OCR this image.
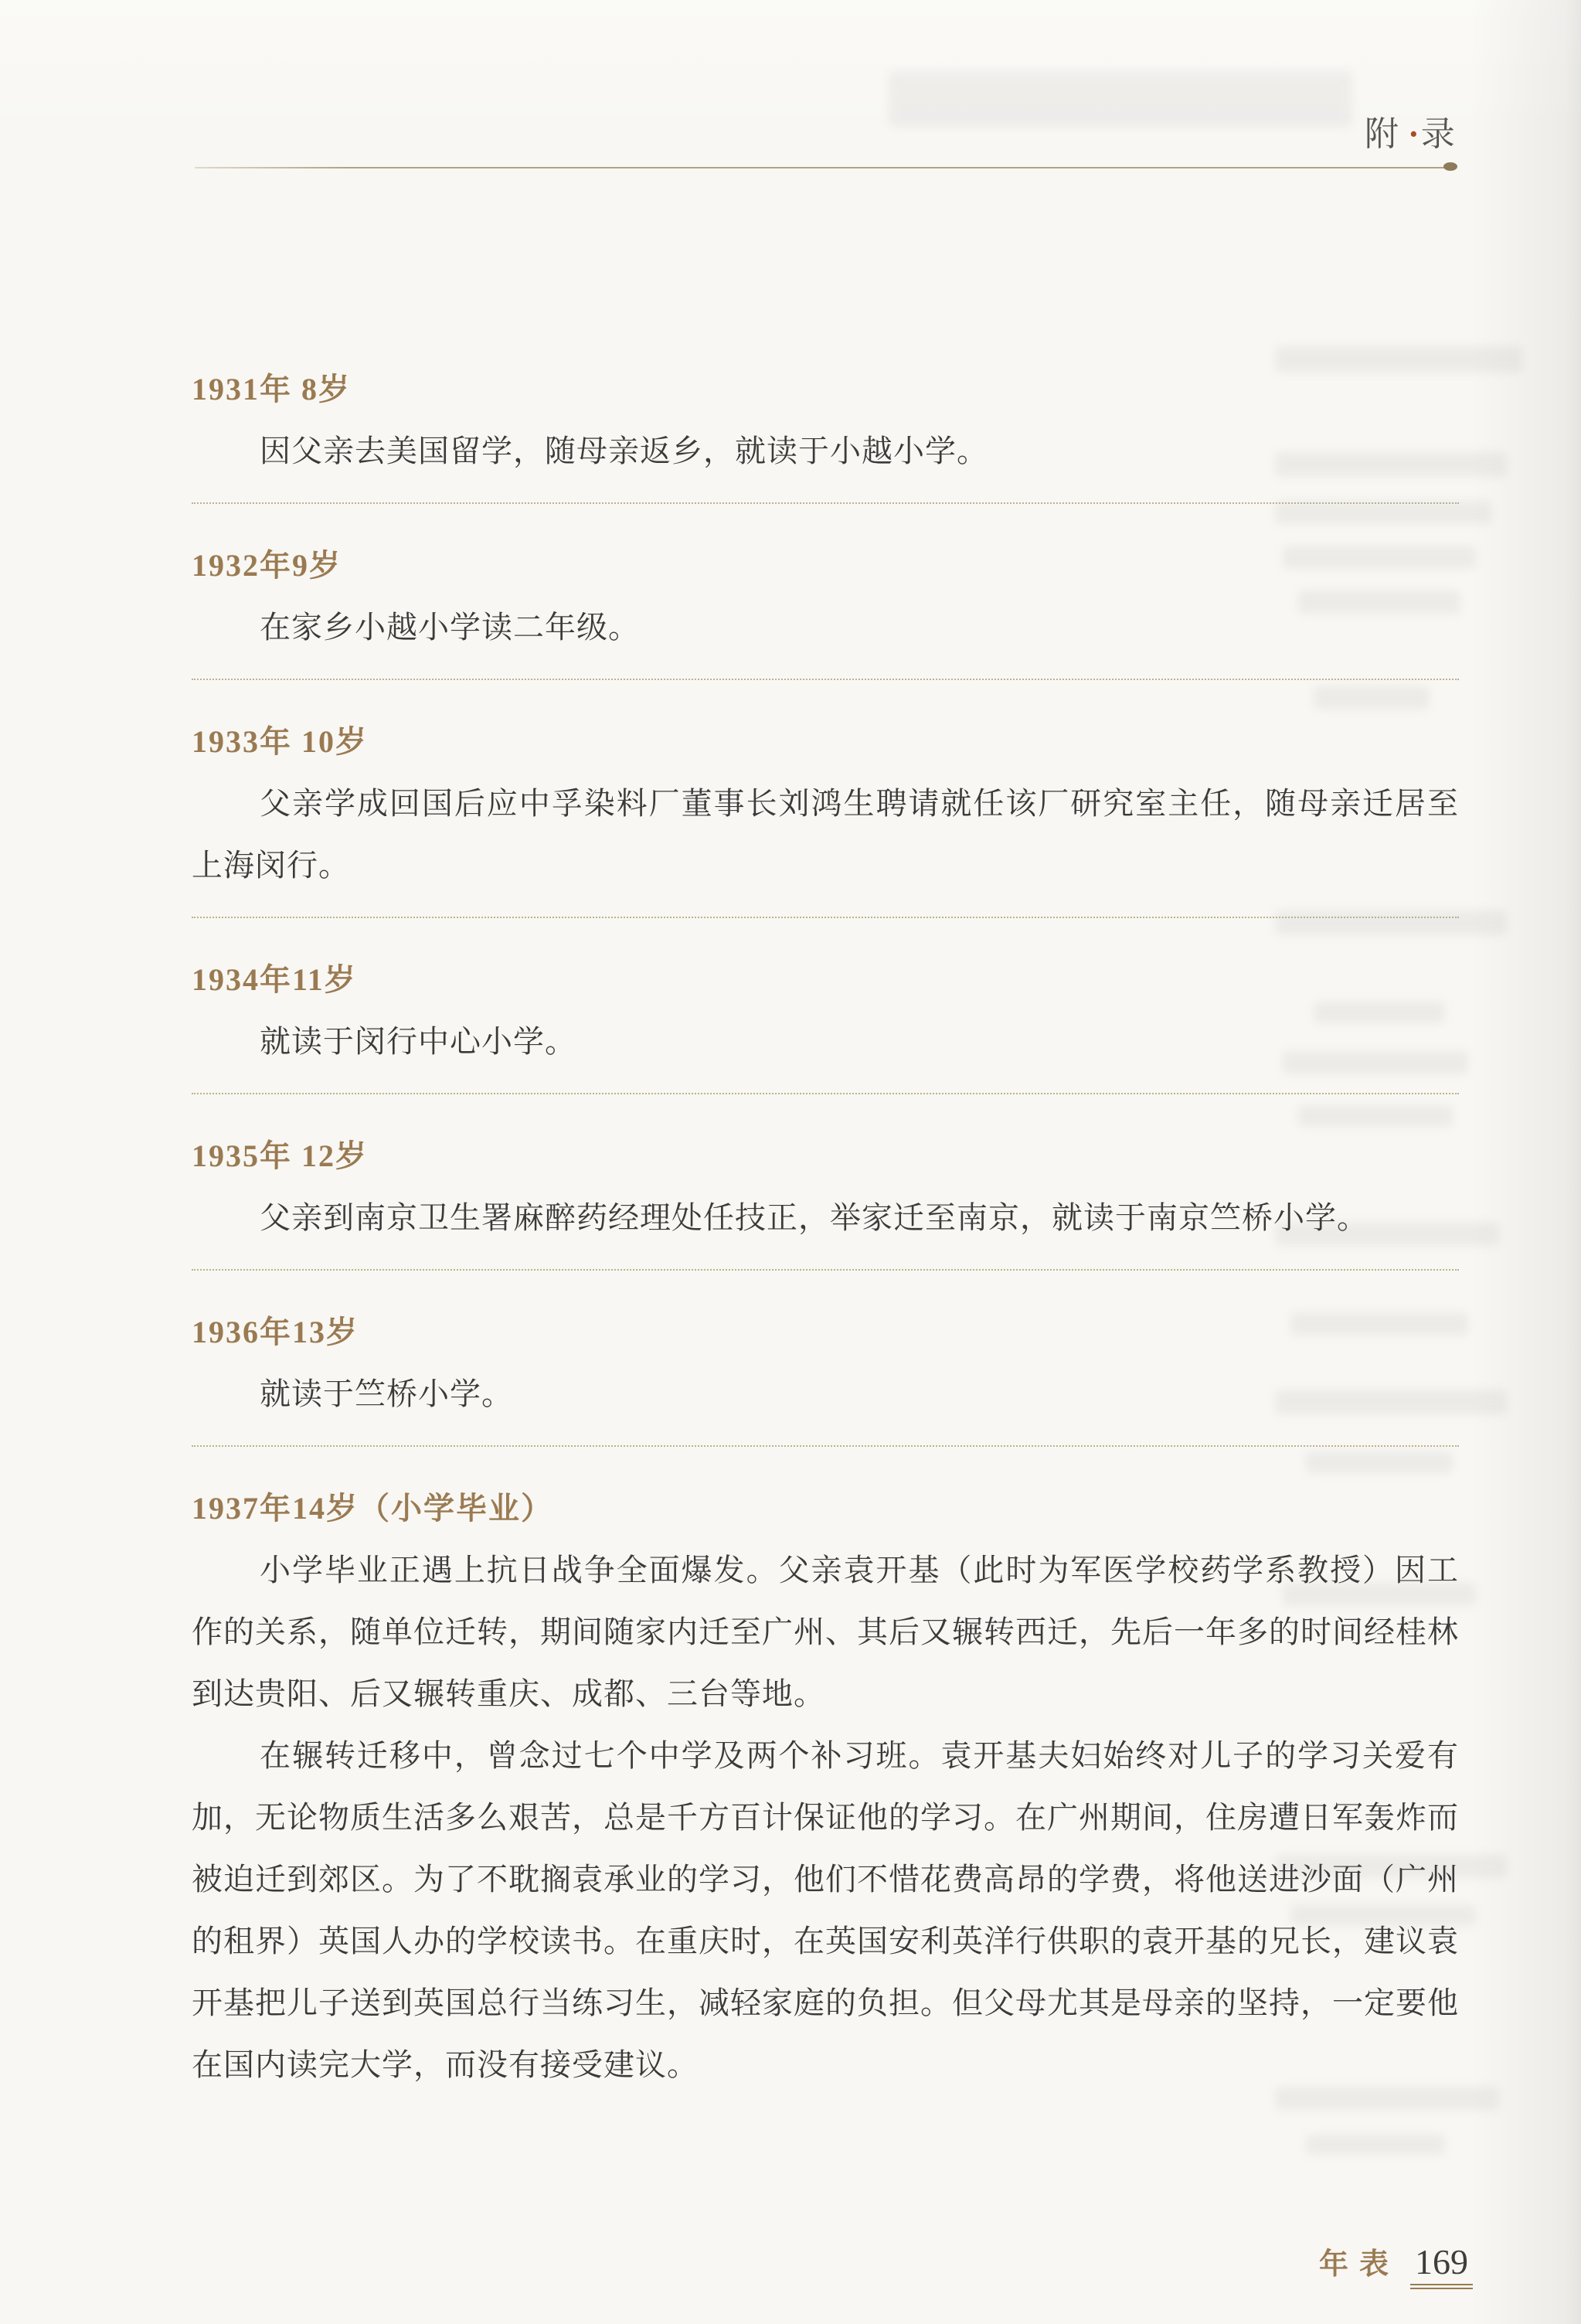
附·录
1931年 8岁

因父亲去美国留学，随母亲返乡，就读于小越小学。

1932年9岁

在家乡小越小学读二年级。

1933年 10岁

父亲学成回国后应中孚染料厂董事长刘鸿生聘请就任该厂研究室主任，随母亲迁居至上海闵行。

1934年11岁

就读于闵行中心小学。

1935年 12岁

父亲到南京卫生署麻醉药经理处任技正，举家迁至南京，就读于南京竺桥小学。

1936年13岁

就读于竺桥小学。

1937年14岁（小学毕业）

小学毕业正遇上抗日战争全面爆发。父亲袁开基（此时为军医学校药学系教授）因工作的关系，随单位迁转，期间随家内迁至广州、其后又辗转西迁，先后一年多的时间经桂林到达贵阳、后又辗转重庆、成都、三台等地。

在辗转迁移中，曾念过七个中学及两个补习班。袁开基夫妇始终对儿子的学习关爱有加，无论物质生活多么艰苦，总是千方百计保证他的学习。在广州期间，住房遭日军轰炸而被迫迁到郊区。为了不耽搁袁承业的学习，他们不惜花费高昂的学费，将他送进沙面（广州的租界）英国人办的学校读书。在重庆时，在英国安利英洋行供职的袁开基的兄长，建议袁开基把儿子送到英国总行当练习生，减轻家庭的负担。但父母尤其是母亲的坚持，一定要他在国内读完大学，而没有接受建议。

年表 169
